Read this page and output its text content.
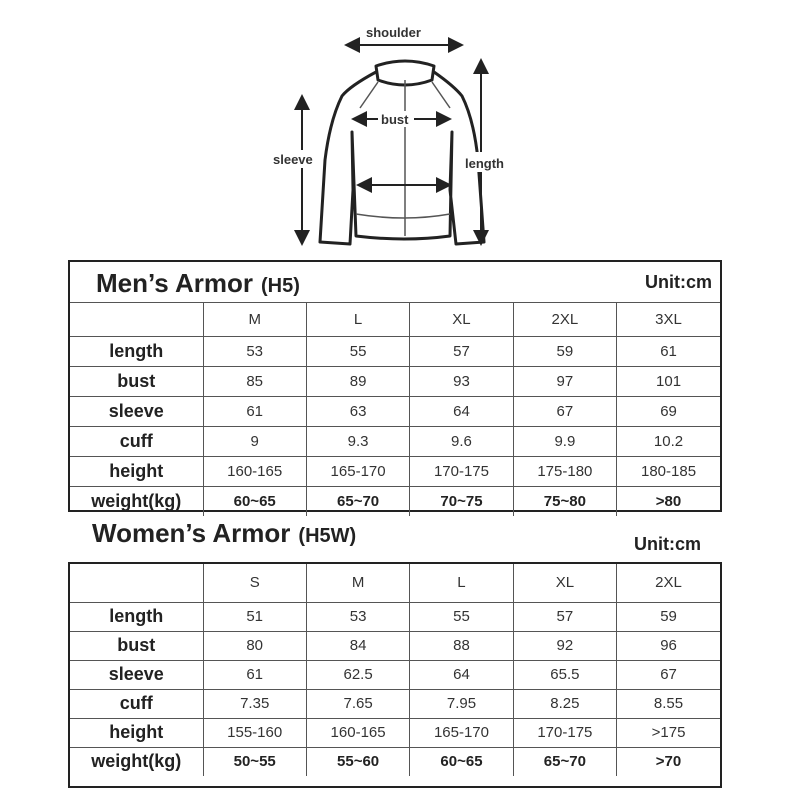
shoulder
bust
sleeve	length
Men’s Armor (H5)	Unit:cm
	M	L	XL	2XL	3XL
length	53	55	57	59	61
bust	85	89	93	97	101
sleeve	61	63	64	67	69
cuff	9	9.3	9.6	9.9	10.2
height	160-165	165-170	170-175	175-180	180-185
weight(kg)	60~65	65~70	70~75	75~80	>80
Women’s Armor (H5W)	Unit:cm
	S	M	L	XL	2XL
length	51	53	55	57	59
bust	80	84	88	92	96
sleeve	61	62.5	64	65.5	67
cuff	7.35	7.65	7.95	8.25	8.55
height	155-160	160-165	165-170	170-175	>175
weight(kg)	50~55	55~60	60~65	65~70	>70
